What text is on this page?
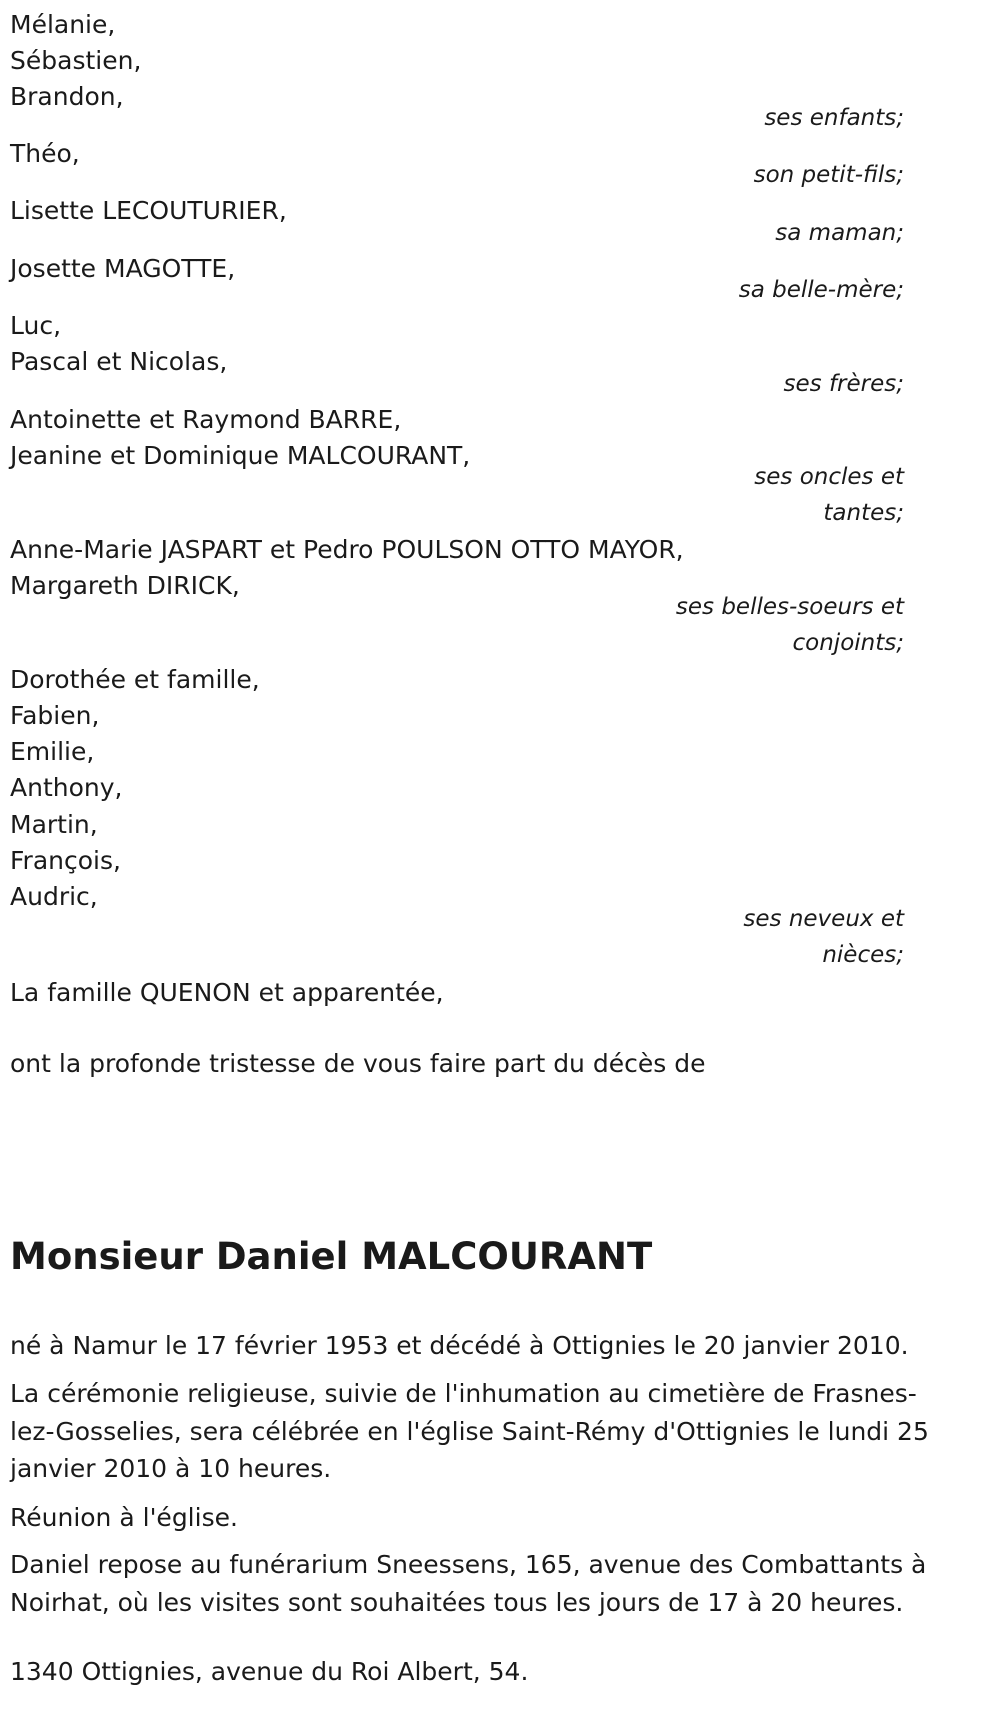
Mélanie,
Sébastien,
Brandon,
ses enfants;
Théo,
son petit-fils;
Lisette LECOUTURIER,
sa maman;
Josette MAGOTTE,
sa belle-mère;
Luc,
Pascal et Nicolas,
ses frères;
Antoinette et Raymond BARRE,
Jeanine et Dominique MALCOURANT,
ses oncles et
tantes;
Anne-Marie JASPART et Pedro POULSON OTTO MAYOR,
Margareth DIRICK,
ses belles-soeurs et
conjoints;
Dorothée et famille,
Fabien,
Emilie,
Anthony,
Martin,
François,
Audric,
ses neveux et
nièces;
La famille QUENON et apparentée,
ont la profonde tristesse de vous faire part du décès de
Monsieur Daniel MALCOURANT
né à Namur le 17 février 1953 et décédé à Ottignies le 20 janvier 2010.
La cérémonie religieuse, suivie de l'inhumation au cimetière de Frasnes-
lez-Gosselies, sera célébrée en l'église Saint-Rémy d'Ottignies le lundi 25
janvier 2010 à 10 heures.
Réunion à l'église.
Daniel repose au funérarium Sneessens, 165, avenue des Combattants à
Noirhat, où les visites sont souhaitées tous les jours de 17 à 20 heures.
1340 Ottignies, avenue du Roi Albert, 54.
